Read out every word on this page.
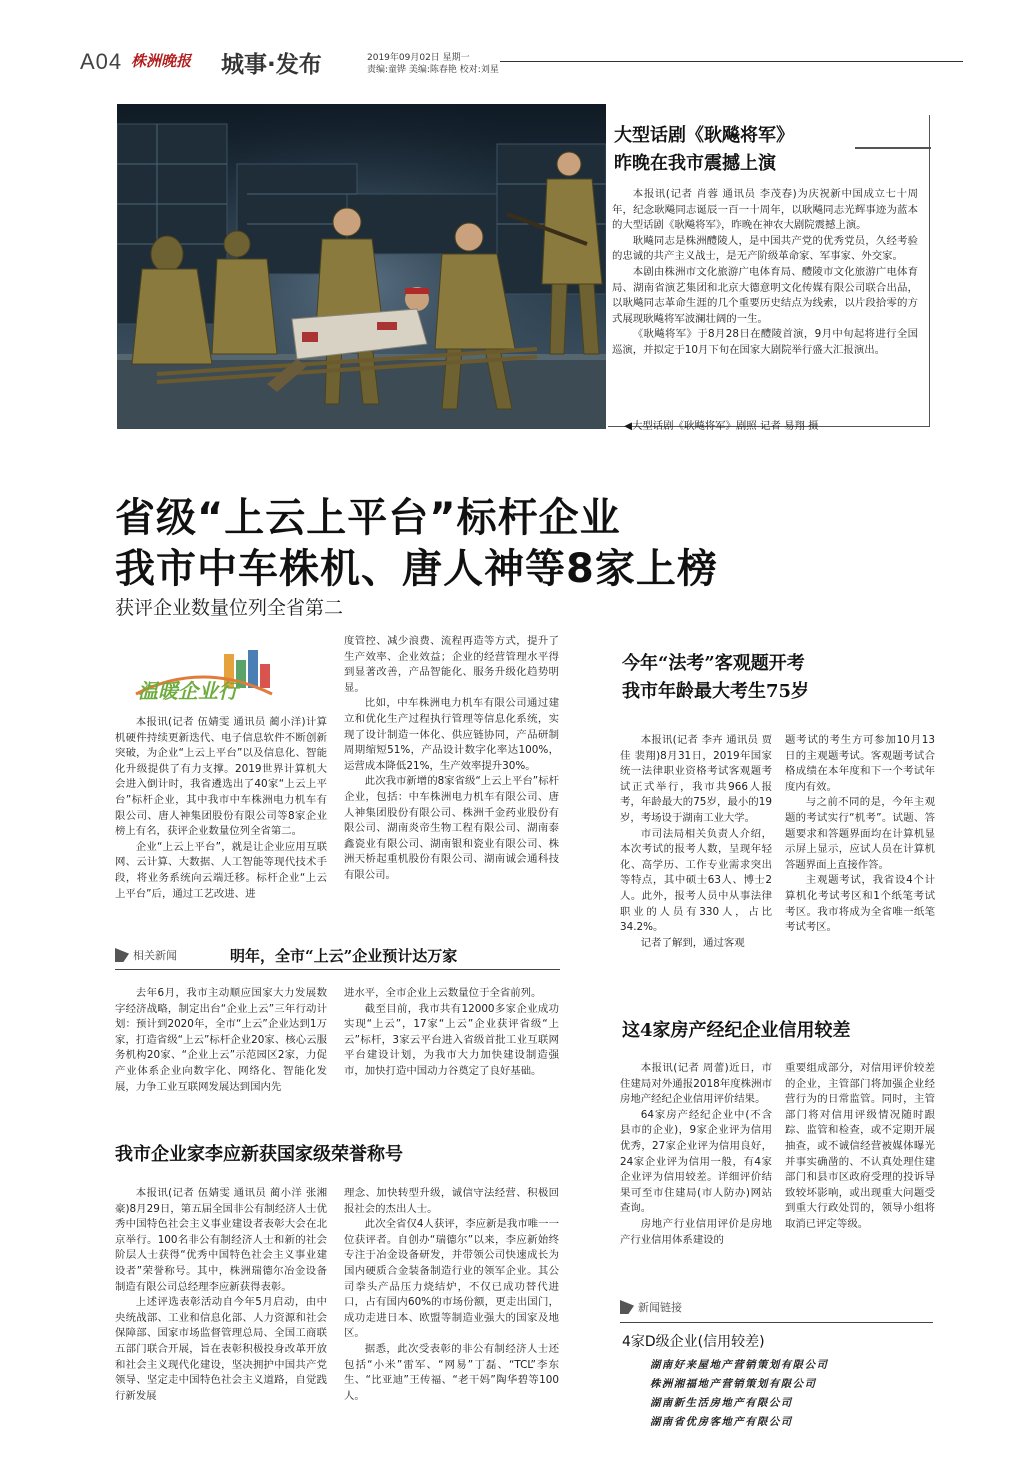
A04 株洲晚报	城事·发布	2019年09月02日 星期一
责编:童铧 美编:陈春艳 校对:刘星
大型话剧《耿飚将军》
昨晚在我市震撼上演

本报讯(记者 肖蓉 通讯员 李茂春)为庆祝新中国成立七十周年，纪念耿飚同志诞辰一百一十周年，以耿飚同志光辉事迹为蓝本的大型话剧《耿飚将军》，昨晚在神农大剧院震撼上演。

耿飚同志是株洲醴陵人，是中国共产党的优秀党员，久经考验的忠诚的共产主义战士，是无产阶级革命家、军事家、外交家。

本剧由株洲市文化旅游广电体育局、醴陵市文化旅游广电体育局、湖南省演艺集团和北京大德意明文化传媒有限公司联合出品，以耿飚同志革命生涯的几个重要历史结点为线索，以片段拾零的方式展现耿飚将军波澜壮阔的一生。

《耿飚将军》于8月28日在醴陵首演，9月中旬起将进行全国巡演，并拟定于10月下旬在国家大剧院举行盛大汇报演出。

◀大型话剧《耿飚将军》剧照 记者 易翔 摄
省级“上云上平台”标杆企业
我市中车株机、唐人神等8家上榜
获评企业数量位列全省第二
温暖企业行

本报讯(记者 伍婧雯 通讯员 蔺小洋)计算机硬件持续更新迭代、电子信息软件不断创新突破，为企业“上云上平台”以及信息化、智能化升级提供了有力支撑。2019世界计算机大会进入倒计时，我省遴选出了40家“上云上平台”标杆企业，其中我市中车株洲电力机车有限公司、唐人神集团股份有限公司等8家企业榜上有名，获评企业数量位列全省第二。

企业“上云上平台”，就是让企业应用互联网、云计算、大数据、人工智能等现代技术手段，将业务系统向云端迁移。标杆企业“上云上平台”后，通过工艺改进、进

度管控、减少浪费、流程再造等方式，提升了生产效率、企业效益；企业的经营管理水平得到显著改善，产品智能化、服务升级化趋势明显。

比如，中车株洲电力机车有限公司通过建立和优化生产过程执行管理等信息化系统，实现了设计制造一体化、供应链协同，产品研制周期缩短51%，产品设计数字化率达100%，运营成本降低21%，生产效率提升30%。

此次我市新增的8家省级“上云上平台”标杆企业，包括：中车株洲电力机车有限公司、唐人神集团股份有限公司、株洲千金药业股份有限公司、湖南炎帝生物工程有限公司、湖南泰鑫瓷业有限公司、湖南银和瓷业有限公司、株洲天桥起重机股份有限公司、湖南诚会通科技有限公司。

相关新闻	明年，全市“上云”企业预计达万家

去年6月，我市主动顺应国家大力发展数字经济战略，制定出台“企业上云”三年行动计划：预计到2020年，全市“上云”企业达到1万家，打造省级“上云”标杆企业20家、核心云服务机构20家、“企业上云”示范园区2家，力促产业体系企业向数字化、网络化、智能化发展，力争工业互联网发展达到国内先

进水平，全市企业上云数量位于全省前列。

截至目前，我市共有12000多家企业成功实现“上云”，17家“上云”企业获评省级“上云”标杆，3家云平台进入省级首批工业互联网平台建设计划，为我市大力加快建设制造强市，加快打造中国动力谷奠定了良好基础。

我市企业家李应新获国家级荣誉称号

本报讯(记者 伍婧雯 通讯员 蔺小洋 张湘豪)8月29日，第五届全国非公有制经济人士优秀中国特色社会主义事业建设者表彰大会在北京举行。100名非公有制经济人士和新的社会阶层人士获得“优秀中国特色社会主义事业建设者”荣誉称号。其中，株洲瑞德尔冶金设备制造有限公司总经理李应新获得表彰。

上述评选表彰活动自今年5月启动，由中央统战部、工业和信息化部、人力资源和社会保障部、国家市场监督管理总局、全国工商联五部门联合开展，旨在表彰积极投身改革开放和社会主义现代化建设，坚决拥护中国共产党领导、坚定走中国特色社会主义道路，自觉践行新发展

理念、加快转型升级，诚信守法经营、积极回报社会的杰出人士。

此次全省仅4人获评，李应新是我市唯一一位获评者。自创办“瑞德尔”以来，李应新始终专注于冶金设备研发，并带领公司快速成长为国内硬质合金装备制造行业的领军企业。其公司拳头产品压力烧结炉，不仅已成功替代进口，占有国内60%的市场份额，更走出国门，成功走进日本、欧盟等制造业强大的国家及地区。

据悉，此次受表彰的非公有制经济人士还包括“小米”雷军、“网易”丁磊、“TCL”李东生、“比亚迪”王传福、“老干妈”陶华碧等100人。

今年“法考”客观题开考
我市年龄最大考生75岁

本报讯(记者 李卉 通讯员 贾佳 裴翔)8月31日，2019年国家统一法律职业资格考试客观题考试正式举行，我市共966人报考，年龄最大的75岁，最小的19岁，考场设于湖南工业大学。

市司法局相关负责人介绍，本次考试的报考人数，呈现年轻化、高学历、工作专业需求突出等特点，其中硕士63人、博士2人。此外，报考人员中从事法律职业的人员有330人，占比34.2%。

记者了解到，通过客观

题考试的考生方可参加10月13日的主观题考试。客观题考试合格成绩在本年度和下一个考试年度内有效。

与之前不同的是，今年主观题的考试实行“机考”。试题、答题要求和答题界面均在计算机显示屏上显示，应试人员在计算机答题界面上直接作答。

主观题考试，我省设4个计算机化考试考区和1个纸笔考试考区。我市将成为全省唯一纸笔考试考区。

这4家房产经纪企业信用较差

本报讯(记者 周蕾)近日，市住建局对外通报2018年度株洲市房地产经纪企业信用评价结果。

64家房产经纪企业中(不含县市的企业)，9家企业评为信用优秀，27家企业评为信用良好，24家企业评为信用一般，有4家企业评为信用较差。详细评价结果可至市住建局(市人防办)网站查询。

房地产行业信用评价是房地产行业信用体系建设的

重要组成部分，对信用评价较差的企业，主管部门将加强企业经营行为的日常监管。同时，主管部门将对信用评级情况随时跟踪、监管和检查，或不定期开展抽查，或不诚信经营被媒体曝光并事实确凿的、不认真处理住建部门和县市区政府受理的投诉导致较坏影响，或出现重大问题受到重大行政处罚的，领导小组将取消已评定等级。

新闻链接
4家D级企业(信用较差)
湖南好来屋地产营销策划有限公司
株洲湘福地产营销策划有限公司
湖南新生活房地产有限公司
湖南省优房客地产有限公司
